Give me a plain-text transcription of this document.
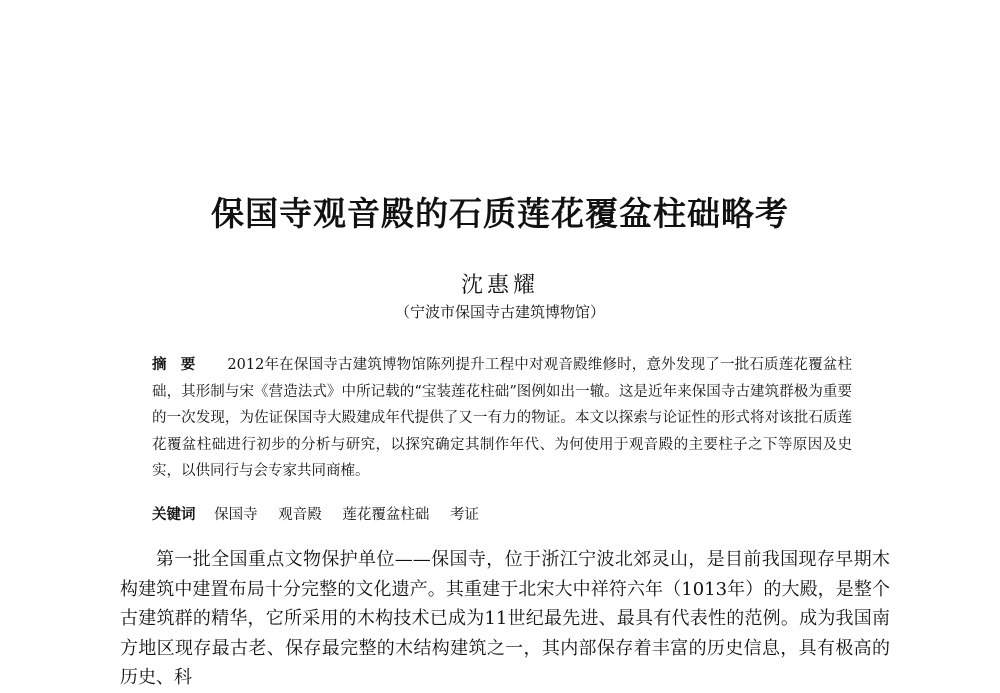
保国寺观音殿的石质莲花覆盆柱础略考
沈惠耀
（宁波市保国寺古建筑博物馆）
摘要 2012年在保国寺古建筑博物馆陈列提升工程中对观音殿维修时，意外发现了一批石质莲花覆盆柱础，其形制与宋《营造法式》中所记载的“宝装莲花柱础”图例如出一辙。这是近年来保国寺古建筑群极为重要的一次发现，为佐证保国寺大殿建成年代提供了又一有力的物证。本文以探索与论证性的形式将对该批石质莲花覆盆柱础进行初步的分析与研究，以探究确定其制作年代、为何使用于观音殿的主要柱子之下等原因及史实，以供同行与会专家共同商榷。
关键词 保国寺 观音殿 莲花覆盆柱础 考证
第一批全国重点文物保护单位——保国寺，位于浙江宁波北郊灵山，是目前我国现存早期木构建筑中建置布局十分完整的文化遗产。其重建于北宋大中祥符六年（1013年）的大殿，是整个古建筑群的精华，它所采用的木构技术已成为11世纪最先进、最具有代表性的范例。成为我国南方地区现存最古老、保存最完整的木结构建筑之一，其内部保存着丰富的历史信息，具有极高的历史、科
